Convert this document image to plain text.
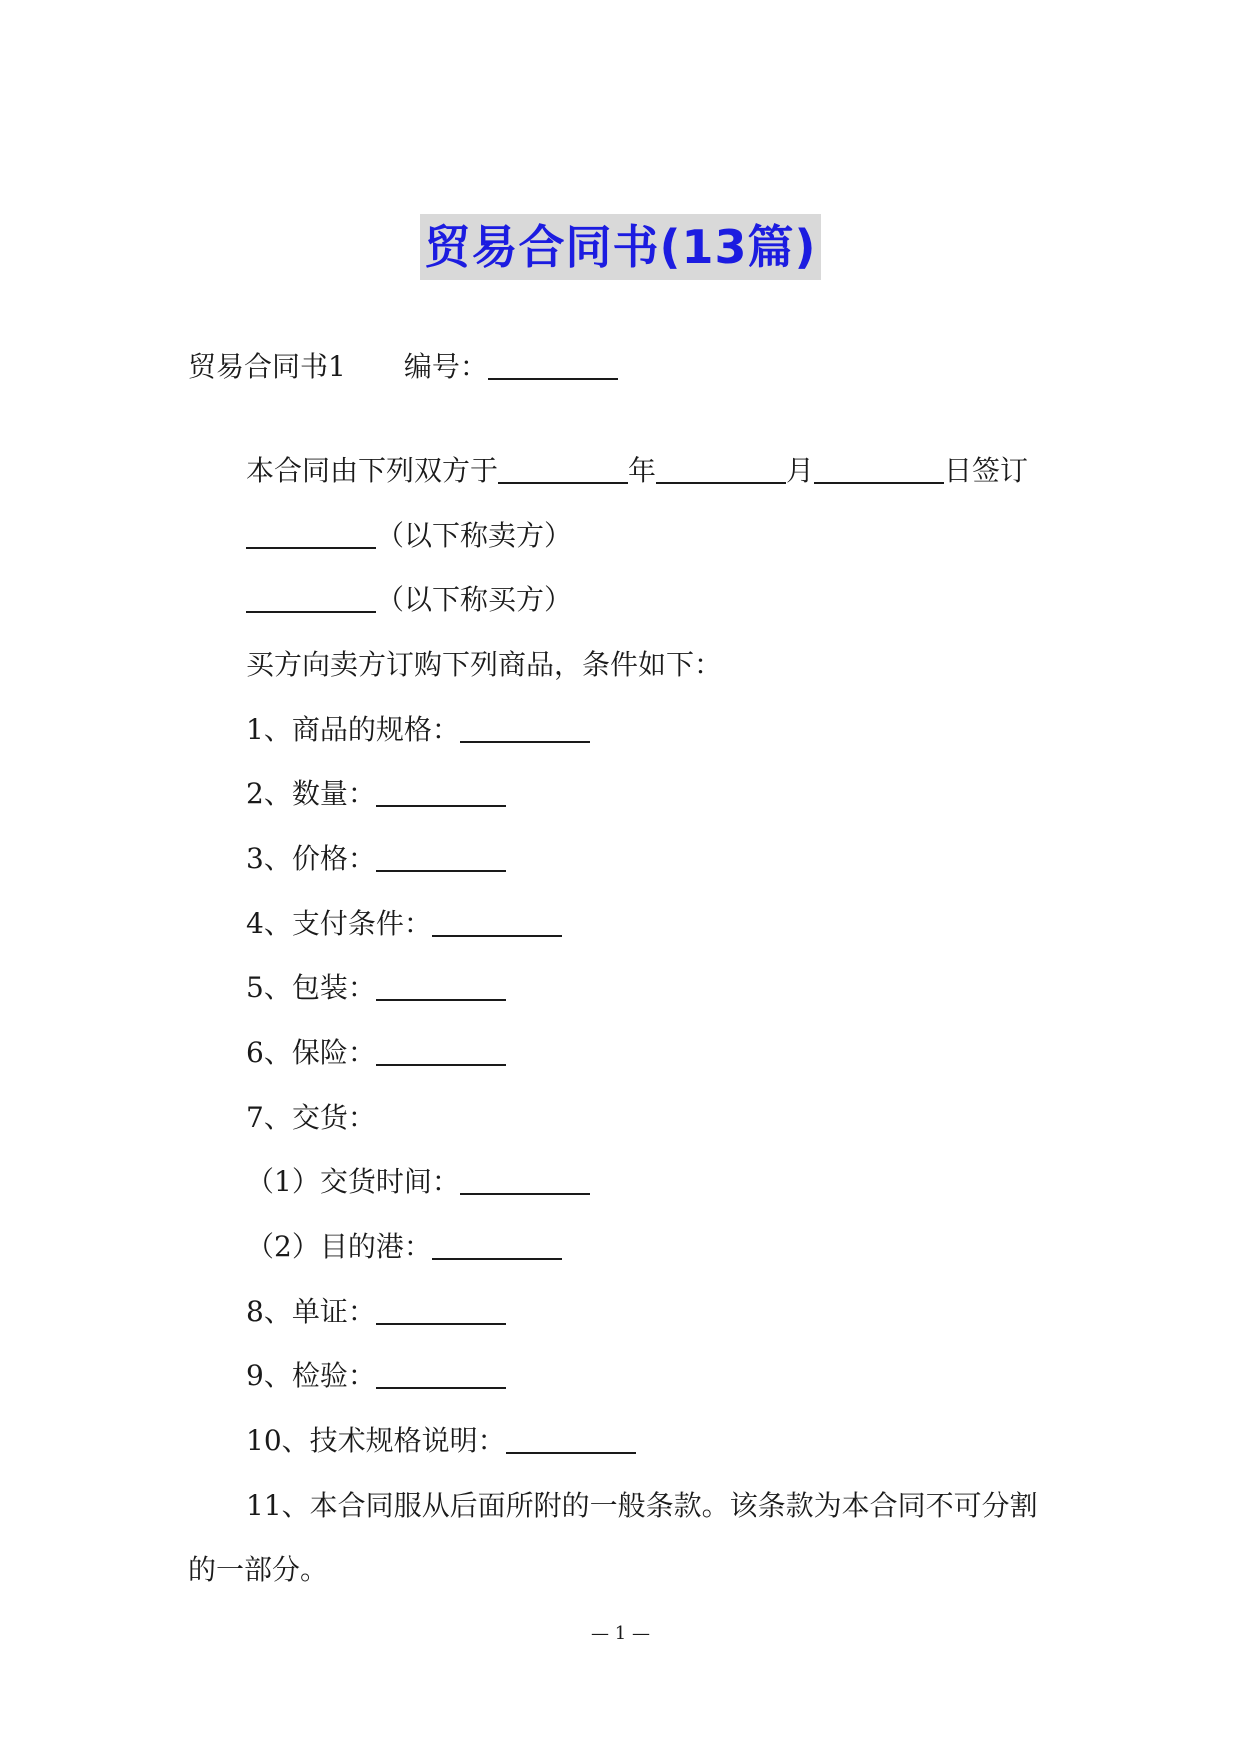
贸易合同书(13篇)
贸易合同书1 编号：
本合同由下列双方于	年	月	日签订
（以下称卖方）
（以下称买方）
买方向卖方订购下列商品，条件如下：
1、商品的规格：
2、数量：
3、价格：
4、支付条件：
5、包装：
6、保险：
7、交货：
（1）交货时间：
（2）目的港：
8、单证：
9、检验：
10、技术规格说明：
11、本合同服从后面所附的一般条款。该条款为本合同不可分割
的一部分。
— 1 —
